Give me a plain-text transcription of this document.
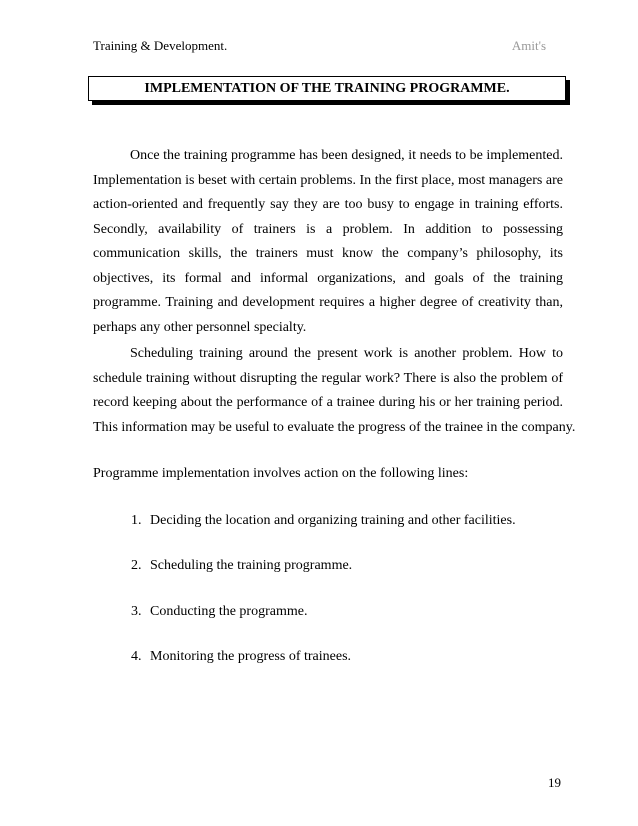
Training & Development.	Amit's
IMPLEMENTATION OF THE TRAINING PROGRAMME.
Once the training programme has been designed, it needs to be implemented.
Implementation is beset with certain problems. In the first place, most managers are
action-oriented and frequently say they are too busy to engage in training efforts.
Secondly, availability of trainers is a problem. In addition to possessing
communication skills, the trainers must know the company’s philosophy, its
objectives, its formal and informal organizations, and goals of the training
programme. Training and development requires a higher degree of creativity than,
perhaps any other personnel specialty.
Scheduling training around the present work is another problem. How to
schedule training without disrupting the regular work? There is also the problem of
record keeping about the performance of a trainee during his or her training period.
This information may be useful to evaluate the progress of the trainee in the company.
Programme implementation involves action on the following lines:
1. Deciding the location and organizing training and other facilities.
2. Scheduling the training programme.
3. Conducting the programme.
4. Monitoring the progress of trainees.
19
